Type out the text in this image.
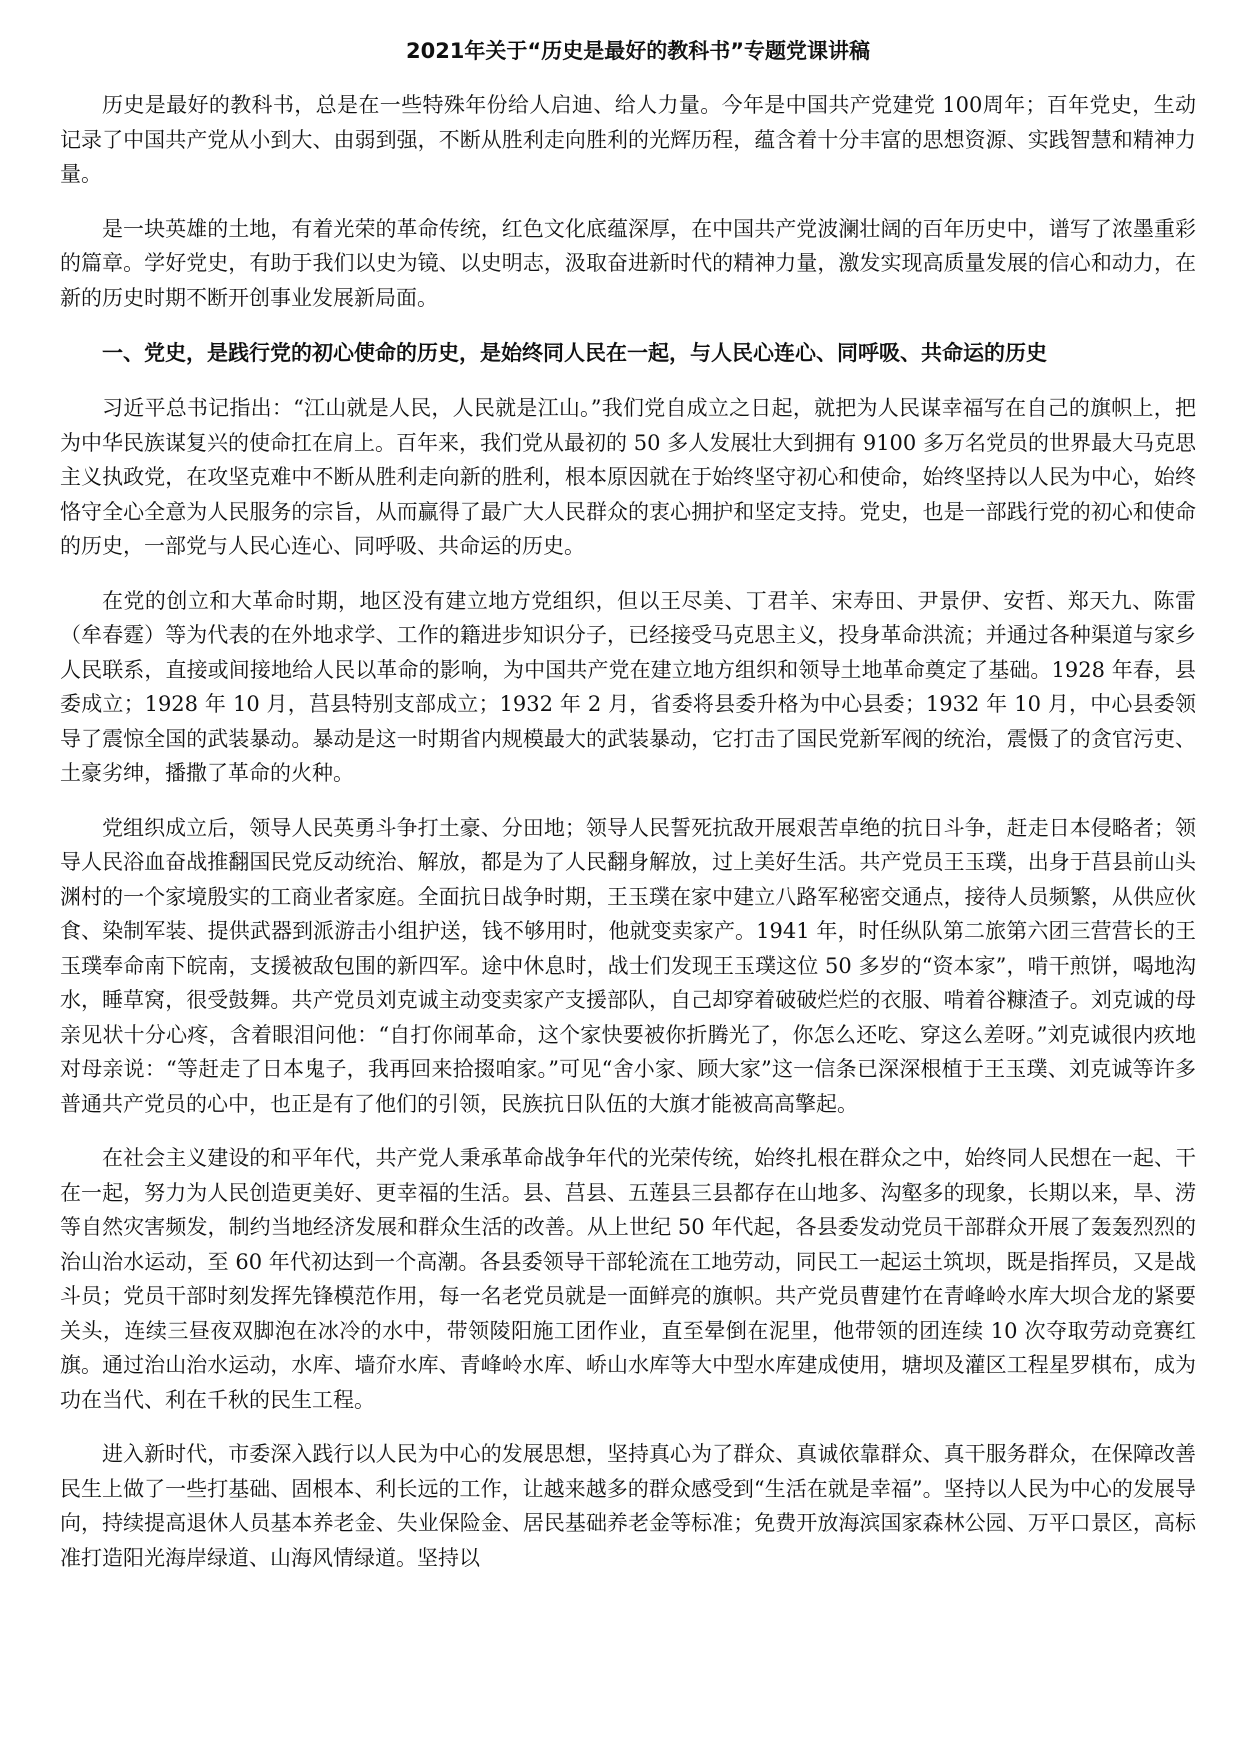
2021年关于“历史是最好的教科书”专题党课讲稿

历史是最好的教科书，总是在一些特殊年份给人启迪、给人力量。今年是中国共产党建党 100周年；百年党史，生动记录了中国共产党从小到大、由弱到强，不断从胜利走向胜利的光辉历程，蕴含着十分丰富的思想资源、实践智慧和精神力量。

是一块英雄的土地，有着光荣的革命传统，红色文化底蕴深厚，在中国共产党波澜壮阔的百年历史中，谱写了浓墨重彩的篇章。学好党史，有助于我们以史为镜、以史明志，汲取奋进新时代的精神力量，激发实现高质量发展的信心和动力，在新的历史时期不断开创事业发展新局面。

一、党史，是践行党的初心使命的历史，是始终同人民在一起，与人民心连心、同呼吸、共命运的历史

习近平总书记指出：“江山就是人民，人民就是江山。”我们党自成立之日起，就把为人民谋幸福写在自己的旗帜上，把为中华民族谋复兴的使命扛在肩上。百年来，我们党从最初的 50 多人发展壮大到拥有 9100 多万名党员的世界最大马克思主义执政党，在攻坚克难中不断从胜利走向新的胜利，根本原因就在于始终坚守初心和使命，始终坚持以人民为中心，始终恪守全心全意为人民服务的宗旨，从而赢得了最广大人民群众的衷心拥护和坚定支持。党史，也是一部践行党的初心和使命的历史，一部党与人民心连心、同呼吸、共命运的历史。

在党的创立和大革命时期，地区没有建立地方党组织，但以王尽美、丁君羊、宋寿田、尹景伊、安哲、郑天九、陈雷（牟春霆）等为代表的在外地求学、工作的籍进步知识分子，已经接受马克思主义，投身革命洪流；并通过各种渠道与家乡人民联系，直接或间接地给人民以革命的影响，为中国共产党在建立地方组织和领导土地革命奠定了基础。1928 年春，县委成立；1928 年 10 月，莒县特别支部成立；1932 年 2 月，省委将县委升格为中心县委；1932 年 10 月，中心县委领导了震惊全国的武装暴动。暴动是这一时期省内规模最大的武装暴动，它打击了国民党新军阀的统治，震慑了的贪官污吏、土豪劣绅，播撒了革命的火种。

党组织成立后，领导人民英勇斗争打土豪、分田地；领导人民誓死抗敌开展艰苦卓绝的抗日斗争，赶走日本侵略者；领导人民浴血奋战推翻国民党反动统治、解放，都是为了人民翻身解放，过上美好生活。共产党员王玉璞，出身于莒县前山头渊村的一个家境殷实的工商业者家庭。全面抗日战争时期，王玉璞在家中建立八路军秘密交通点，接待人员频繁，从供应伙食、染制军装、提供武器到派游击小组护送，钱不够用时，他就变卖家产。1941 年，时任纵队第二旅第六团三营营长的王玉璞奉命南下皖南，支援被敌包围的新四军。途中休息时，战士们发现王玉璞这位 50 多岁的“资本家”，啃干煎饼，喝地沟水，睡草窝，很受鼓舞。共产党员刘克诚主动变卖家产支援部队，自己却穿着破破烂烂的衣服、啃着谷糠渣子。刘克诚的母亲见状十分心疼，含着眼泪问他：“自打你闹革命，这个家快要被你折腾光了，你怎么还吃、穿这么差呀。”刘克诚很内疚地对母亲说：“等赶走了日本鬼子，我再回来拾掇咱家。”可见“舍小家、顾大家”这一信条已深深根植于王玉璞、刘克诚等许多普通共产党员的心中，也正是有了他们的引领，民族抗日队伍的大旗才能被高高擎起。

在社会主义建设的和平年代，共产党人秉承革命战争年代的光荣传统，始终扎根在群众之中，始终同人民想在一起、干在一起，努力为人民创造更美好、更幸福的生活。县、莒县、五莲县三县都存在山地多、沟壑多的现象，长期以来，旱、涝等自然灾害频发，制约当地经济发展和群众生活的改善。从上世纪 50 年代起，各县委发动党员干部群众开展了轰轰烈烈的治山治水运动，至 60 年代初达到一个高潮。各县委领导干部轮流在工地劳动，同民工一起运土筑坝，既是指挥员，又是战斗员；党员干部时刻发挥先锋模范作用，每一名老党员就是一面鲜亮的旗帜。共产党员曹建竹在青峰岭水库大坝合龙的紧要关头，连续三昼夜双脚泡在冰冷的水中，带领陵阳施工团作业，直至晕倒在泥里，他带领的团连续 10 次夺取劳动竞赛红旗。通过治山治水运动，水库、墙夼水库、青峰岭水库、峤山水库等大中型水库建成使用，塘坝及灌区工程星罗棋布，成为功在当代、利在千秋的民生工程。

进入新时代，市委深入践行以人民为中心的发展思想，坚持真心为了群众、真诚依靠群众、真干服务群众，在保障改善民生上做了一些打基础、固根本、利长远的工作，让越来越多的群众感受到“生活在就是幸福”。坚持以人民为中心的发展导向，持续提高退休人员基本养老金、失业保险金、居民基础养老金等标准；免费开放海滨国家森林公园、万平口景区，高标准打造阳光海岸绿道、山海风情绿道。坚持以
